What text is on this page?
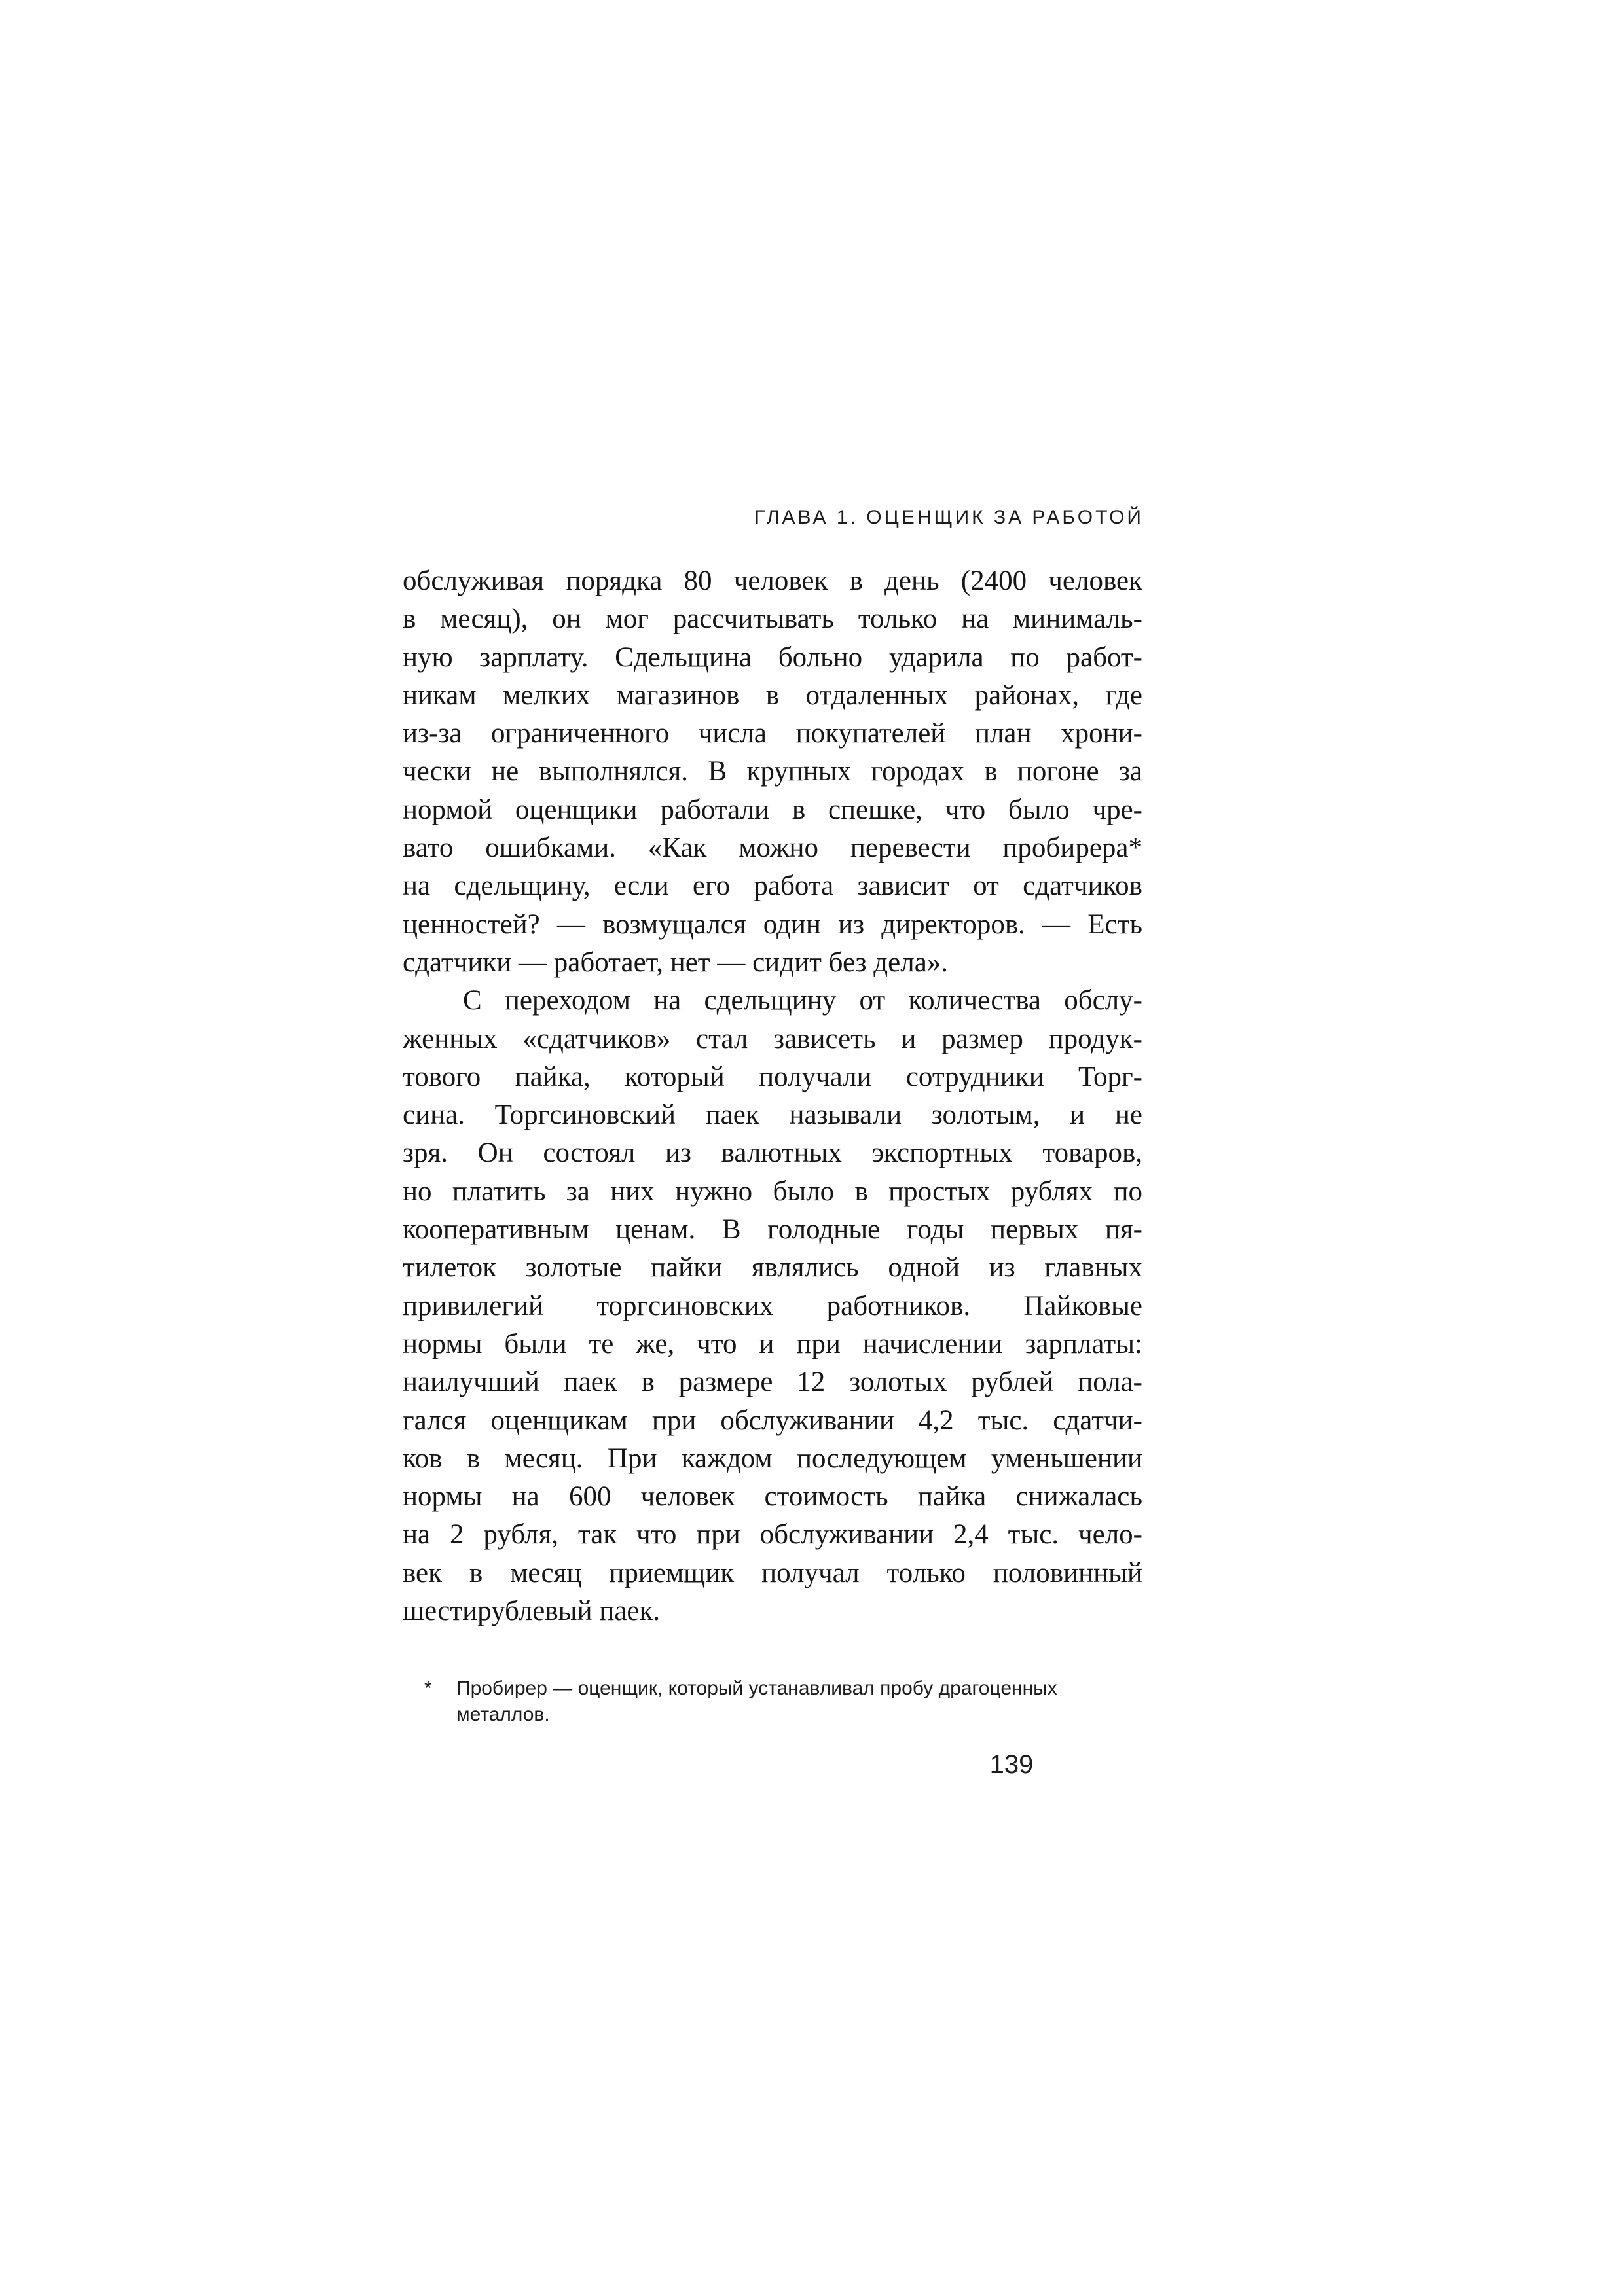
ГЛАВА 1. ОЦЕНЩИК ЗА РАБОТОЙ
обслуживая порядка 80 человек в день (2400 человек
в месяц), он мог рассчитывать только на минималь-
ную зарплату. Сдельщина больно ударила по работ-
никам мелких магазинов в отдаленных районах, где
из-за ограниченного числа покупателей план хрони-
чески не выполнялся. В крупных городах в погоне за
нормой оценщики работали в спешке, что было чре-
вато ошибками. «Как можно перевести пробирера*
на сдельщину, если его работа зависит от сдатчиков
ценностей? — возмущался один из директоров. — Есть
сдатчики — работает, нет — сидит без дела».
С переходом на сдельщину от количества обслу-
женных «сдатчиков» стал зависеть и размер продук-
тового пайка, который получали сотрудники Торг-
сина. Торгсиновский паек называли золотым, и не
зря. Он состоял из валютных экспортных товаров,
но платить за них нужно было в простых рублях по
кооперативным ценам. В голодные годы первых пя-
тилеток золотые пайки являлись одной из главных
привилегий торгсиновских работников. Пайковые
нормы были те же, что и при начислении зарплаты:
наилучший паек в размере 12 золотых рублей пола-
гался оценщикам при обслуживании 4,2 тыс. сдатчи-
ков в месяц. При каждом последующем уменьшении
нормы на 600 человек стоимость пайка снижалась
на 2 рубля, так что при обслуживании 2,4 тыс. чело-
век в месяц приемщик получал только половинный
шестирублевый паек.
*	Пробирер — оценщик, который устанавливал пробу драгоценных металлов.
139
